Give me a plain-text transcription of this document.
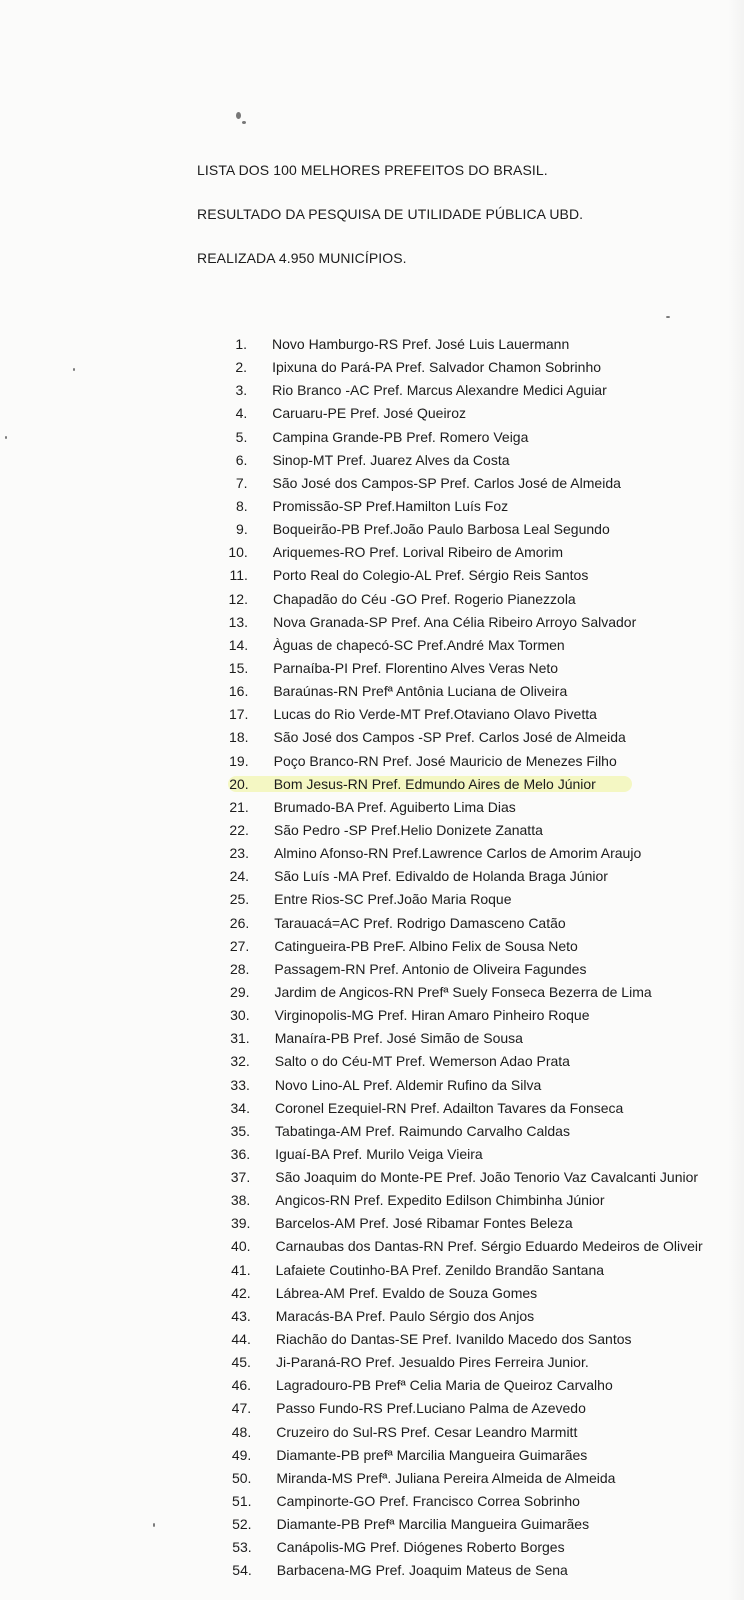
LISTA DOS 100 MELHORES PREFEITOS DO BRASIL.
RESULTADO DA PESQUISA DE UTILIDADE PÚBLICA UBD.
REALIZADA 4.950 MUNICÍPIOS.
1. Novo Hamburgo-RS Pref. José Luis Lauermann
2. Ipixuna do Pará-PA Pref. Salvador Chamon Sobrinho
3. Rio Branco -AC Pref. Marcus Alexandre Medici Aguiar
4. Caruaru-PE Pref. José Queiroz
5. Campina Grande-PB Pref. Romero Veiga
6. Sinop-MT Pref. Juarez Alves da Costa
7. São José dos Campos-SP Pref. Carlos José de Almeida
8. Promissão-SP Pref.Hamilton Luís Foz
9. Boqueirão-PB Pref.João Paulo Barbosa Leal Segundo
10. Ariquemes-RO Pref. Lorival Ribeiro de Amorim
11. Porto Real do Colegio-AL Pref. Sérgio Reis Santos
12. Chapadão do Céu -GO Pref. Rogerio Pianezzola
13. Nova Granada-SP Pref. Ana Célia Ribeiro Arroyo Salvador
14. Àguas de chapecó-SC Pref.André Max Tormen
15. Parnaíba-PI Pref. Florentino Alves Veras Neto
16. Baraúnas-RN Prefª Antônia Luciana de Oliveira
17. Lucas do Rio Verde-MT Pref.Otaviano Olavo Pivetta
18. São José dos Campos -SP Pref. Carlos José de Almeida
19. Poço Branco-RN Pref. José Mauricio de Menezes Filho
20. Bom Jesus-RN Pref. Edmundo Aires de Melo Júnior
21. Brumado-BA Pref. Aguiberto Lima Dias
22. São Pedro -SP Pref.Helio Donizete Zanatta
23. Almino Afonso-RN Pref.Lawrence Carlos de Amorim Araujo
24. São Luís -MA Pref. Edivaldo de Holanda Braga Júnior
25. Entre Rios-SC Pref.João Maria Roque
26. Tarauacá=AC Pref. Rodrigo Damasceno Catão
27. Catingueira-PB PreF. Albino Felix de Sousa Neto
28. Passagem-RN Pref. Antonio de Oliveira Fagundes
29. Jardim de Angicos-RN Prefª Suely Fonseca Bezerra de Lima
30. Virginopolis-MG Pref. Hiran Amaro Pinheiro Roque
31. Manaíra-PB Pref. José Simão de Sousa
32. Salto o do Céu-MT Pref. Wemerson Adao Prata
33. Novo Lino-AL Pref. Aldemir Rufino da Silva
34. Coronel Ezequiel-RN Pref. Adailton Tavares da Fonseca
35. Tabatinga-AM Pref. Raimundo Carvalho Caldas
36. Iguaí-BA Pref. Murilo Veiga Vieira
37. São Joaquim do Monte-PE Pref. João Tenorio Vaz Cavalcanti Junior
38. Angicos-RN Pref. Expedito Edilson Chimbinha Júnior
39. Barcelos-AM Pref. José Ribamar Fontes Beleza
40. Carnaubas dos Dantas-RN Pref. Sérgio Eduardo Medeiros de Oliveir
41. Lafaiete Coutinho-BA Pref. Zenildo Brandão Santana
42. Lábrea-AM Pref. Evaldo de Souza Gomes
43. Maracás-BA Pref. Paulo Sérgio dos Anjos
44. Riachão do Dantas-SE Pref. Ivanildo Macedo dos Santos
45. Ji-Paraná-RO Pref. Jesualdo Pires Ferreira Junior.
46. Lagradouro-PB Prefª Celia Maria de Queiroz Carvalho
47. Passo Fundo-RS Pref.Luciano Palma de Azevedo
48. Cruzeiro do Sul-RS Pref. Cesar Leandro Marmitt
49. Diamante-PB prefª Marcilia Mangueira Guimarães
50. Miranda-MS Prefª. Juliana Pereira Almeida de Almeida
51. Campinorte-GO Pref. Francisco Correa Sobrinho
52. Diamante-PB Prefª Marcilia Mangueira Guimarães
53. Canápolis-MG Pref. Diógenes Roberto Borges
54. Barbacena-MG Pref. Joaquim Mateus de Sena
